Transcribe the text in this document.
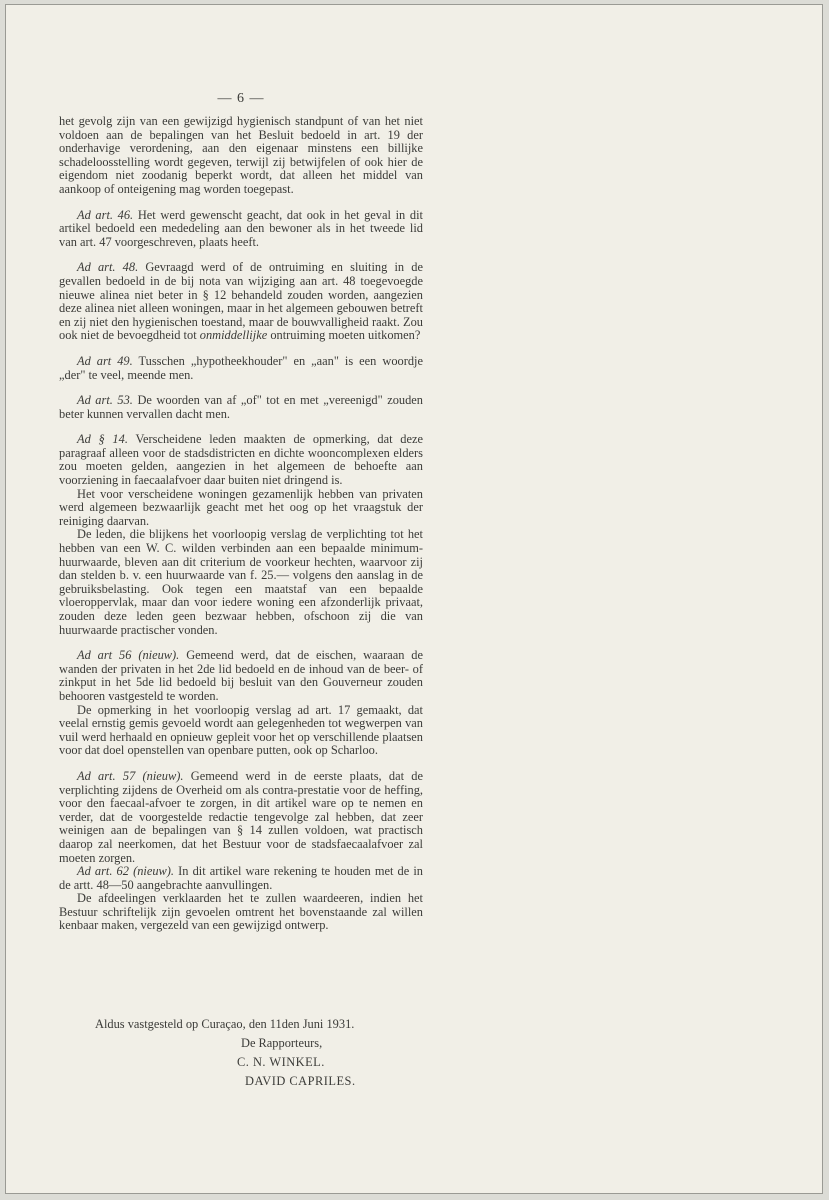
— 6 —

het gevolg zijn van een gewijzigd hygienisch standpunt of van het niet voldoen aan de bepalingen van het Besluit bedoeld in art. 19 der onderhavige verordening, aan den eigenaar minstens een billijke schadeloosstelling wordt gegeven, terwijl zij betwijfelen of ook hier de eigendom niet zoodanig beperkt wordt, dat alleen het middel van aankoop of onteigening mag worden toegepast.

Ad art. 46. Het werd gewenscht geacht, dat ook in het geval in dit artikel bedoeld een mededeling aan den bewoner als in het tweede lid van art. 47 voorgeschreven, plaats heeft.

Ad art. 48. Gevraagd werd of de ontruiming en sluiting in de gevallen bedoeld in de bij nota van wijziging aan art. 48 toegevoegde nieuwe alinea niet beter in § 12 behandeld zouden worden, aangezien deze alinea niet alleen woningen, maar in het algemeen gebouwen betreft en zij niet den hygienischen toestand, maar de bouwvalligheid raakt. Zou ook niet de bevoegdheid tot onmiddellijke ontruiming moeten uitkomen?

Ad art 49. Tusschen „hypotheekhouder" en „aan" is een woordje „der" te veel, meende men.

Ad art. 53. De woorden van af „of" tot en met „vereenigd" zouden beter kunnen vervallen dacht men.

Ad § 14. Verscheidene leden maakten de opmerking, dat deze paragraaf alleen voor de stadsdistricten en dichte wooncomplexen elders zou moeten gelden, aangezien in het algemeen de behoefte aan voorziening in faecaalafvoer daar buiten niet dringend is.

Het voor verscheidene woningen gezamenlijk hebben van privaten werd algemeen bezwaarlijk geacht met het oog op het vraagstuk der reiniging daarvan.

De leden, die blijkens het voorloopig verslag de verplichting tot het hebben van een W. C. wilden verbinden aan een bepaalde minimum-huurwaarde, bleven aan dit criterium de voorkeur hechten, waarvoor zij dan stelden b. v. een huurwaarde van f. 25.— volgens den aanslag in de gebruiksbelasting. Ook tegen een maatstaf van een bepaalde vloeroppervlak, maar dan voor iedere woning een afzonderlijk privaat, zouden deze leden geen bezwaar hebben, ofschoon zij die van huurwaarde practischer vonden.

Ad art 56 (nieuw). Gemeend werd, dat de eischen, waaraan de wanden der privaten in het 2de lid bedoeld en de inhoud van de beer- of zinkput in het 5de lid bedoeld bij besluit van den Gouverneur zouden behooren vastgesteld te worden.

De opmerking in het voorloopig verslag ad art. 17 gemaakt, dat veelal ernstig gemis gevoeld wordt aan gelegenheden tot wegwerpen van vuil werd herhaald en opnieuw gepleit voor het op verschillende plaatsen voor dat doel openstellen van openbare putten, ook op Scharloo.

Ad art. 57 (nieuw). Gemeend werd in de eerste plaats, dat de verplichting zijdens de Overheid om als contra-prestatie voor de heffing, voor den faecaal-afvoer te zorgen, in dit artikel ware op te nemen en verder, dat de voorgestelde redactie tengevolge zal hebben, dat zeer weinigen aan de bepalingen van § 14 zullen voldoen, wat practisch daarop zal neerkomen, dat het Bestuur voor de stadsfaecaalafvoer zal moeten zorgen.

Ad art. 62 (nieuw). In dit artikel ware rekening te houden met de in de artt. 48—50 aangebrachte aanvullingen.

De afdeelingen verklaarden het te zullen waardeeren, indien het Bestuur schriftelijk zijn gevoelen omtrent het bovenstaande zal willen kenbaar maken, vergezeld van een gewijzigd ontwerp.

Aldus vastgesteld op Curaçao, den 11den Juni 1931.

De Rapporteurs,

C. N. WINKEL.

DAVID CAPRILES.
